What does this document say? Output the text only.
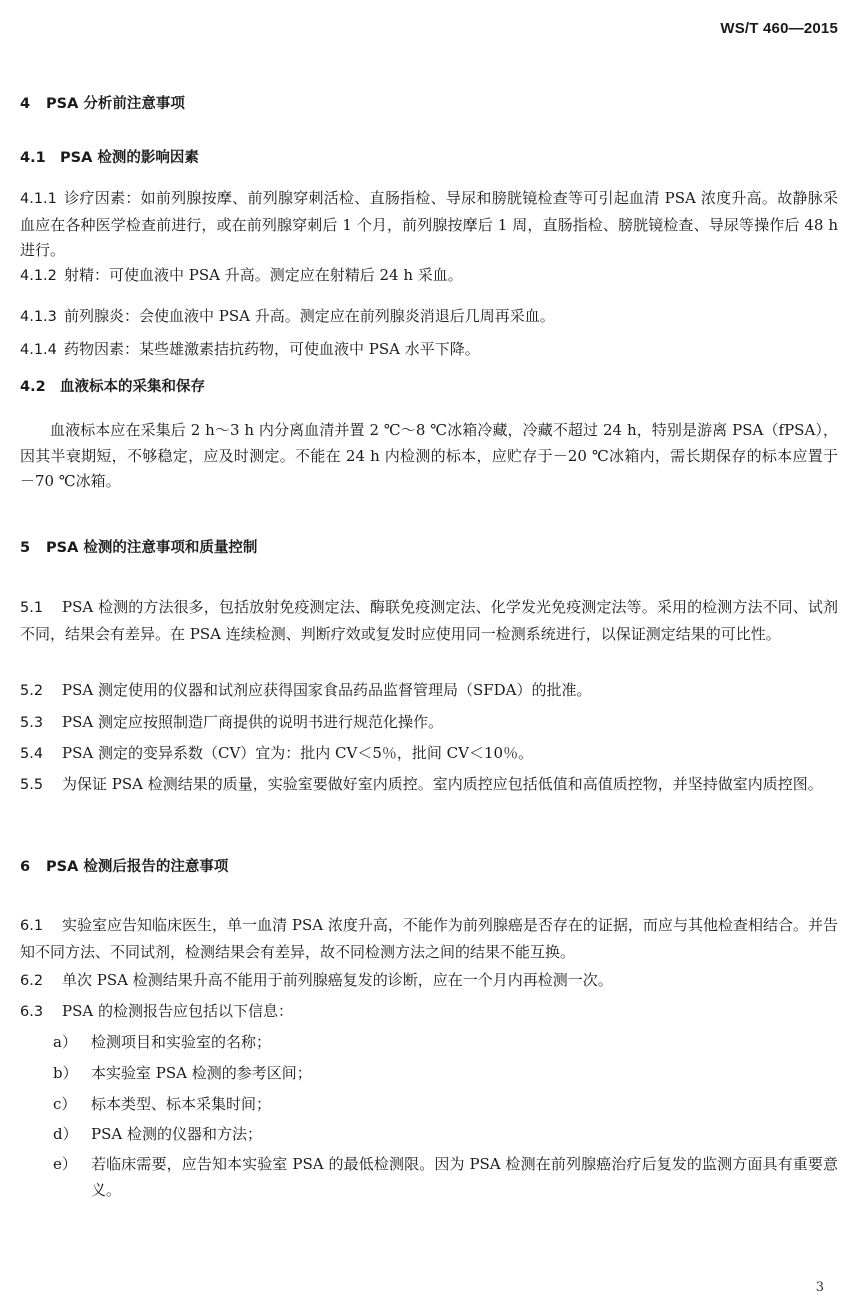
WS/T 460—2015
4 PSA 分析前注意事项
4.1 PSA 检测的影响因素

4.1.1 诊疗因素：如前列腺按摩、前列腺穿刺活检、直肠指检、导尿和膀胱镜检查等可引起血清 PSA 浓度升高。故静脉采血应在各种医学检查前进行，或在前列腺穿刺后 1 个月，前列腺按摩后 1 周，直肠指检、膀胱镜检查、导尿等操作后 48 h 进行。

4.1.2 射精：可使血液中 PSA 升高。测定应在射精后 24 h 采血。

4.1.3 前列腺炎：会使血液中 PSA 升高。测定应在前列腺炎消退后几周再采血。

4.1.4 药物因素：某些雄激素拮抗药物，可使血液中 PSA 水平下降。

4.2 血液标本的采集和保存

血液标本应在采集后 2 h～3 h 内分离血清并置 2 ℃～8 ℃冰箱冷藏，冷藏不超过 24 h，特别是游离 PSA（fPSA），因其半衰期短，不够稳定，应及时测定。不能在 24 h 内检测的标本，应贮存于－20 ℃冰箱内，需长期保存的标本应置于－70 ℃冰箱。

5 PSA 检测的注意事项和质量控制

5.1 PSA 检测的方法很多，包括放射免疫测定法、酶联免疫测定法、化学发光免疫测定法等。采用的检测方法不同、试剂不同，结果会有差异。在 PSA 连续检测、判断疗效或复发时应使用同一检测系统进行，以保证测定结果的可比性。

5.2 PSA 测定使用的仪器和试剂应获得国家食品药品监督管理局（SFDA）的批准。

5.3 PSA 测定应按照制造厂商提供的说明书进行规范化操作。

5.4 PSA 测定的变异系数（CV）宜为：批内 CV＜5％，批间 CV＜10％。

5.5 为保证 PSA 检测结果的质量，实验室要做好室内质控。室内质控应包括低值和高值质控物，并坚持做室内质控图。

6 PSA 检测后报告的注意事项

6.1 实验室应告知临床医生，单一血清 PSA 浓度升高，不能作为前列腺癌是否存在的证据，而应与其他检查相结合。并告知不同方法、不同试剂，检测结果会有差异，故不同检测方法之间的结果不能互换。

6.2 单次 PSA 检测结果升高不能用于前列腺癌复发的诊断，应在一个月内再检测一次。

6.3 PSA 的检测报告应包括以下信息：

a） 检测项目和实验室的名称；
b） 本实验室 PSA 检测的参考区间；
c） 标本类型、标本采集时间；
d） PSA 检测的仪器和方法；
e） 若临床需要，应告知本实验室 PSA 的最低检测限。因为 PSA 检测在前列腺癌治疗后复发的监测方面具有重要意义。
3
